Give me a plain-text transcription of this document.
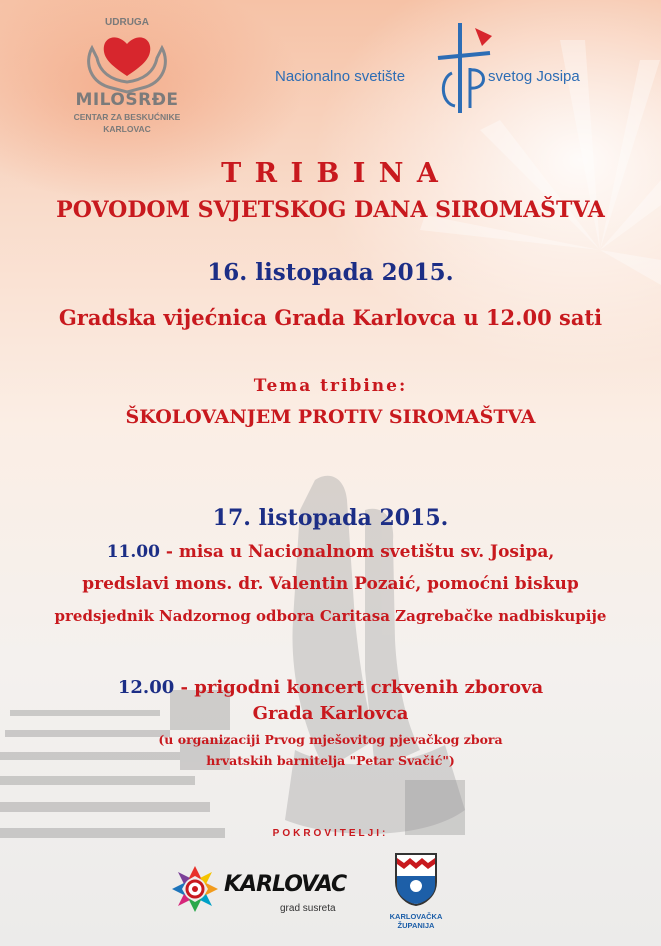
UDRUGA
MILOSRĐE
CENTAR ZA BESKUĆNIKE
KARLOVAC
Nacionalno svetište	svetog Josipa
T R I B I N A
POVODOM SVJETSKOG DANA SIROMAŠTVA
16. listopada 2015.
Gradska vijećnica Grada Karlovca u 12.00 sati
Tema tribine:
ŠKOLOVANJEM PROTIV SIROMAŠTVA
17. listopada 2015.
11.00 - misa u Nacionalnom svetištu sv. Josipa,
predslavi mons. dr. Valentin Pozaić, pomoćni biskup
predsjednik Nadzornog odbora Caritasa Zagrebačke nadbiskupije
12.00 - prigodni koncert crkvenih zborova
Grada Karlovca
(u organizaciji Prvog mješovitog pjevačkog zbora
hrvatskih barnitelja "Petar Svačić")
POKROVITELJI:
KARLOVAC
grad susreta
KARLOVAČKA ŽUPANIJA
